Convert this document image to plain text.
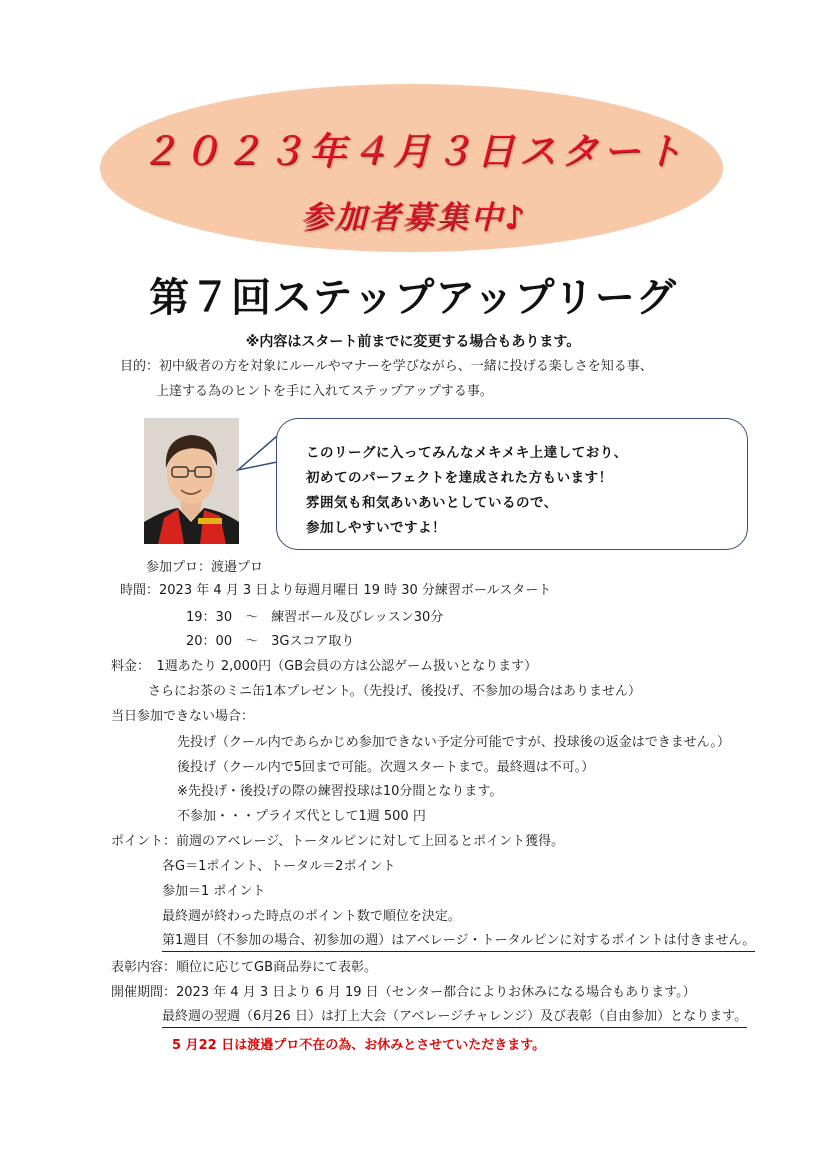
２０２３年４月３日スタート
参加者募集中♪
第７回ステップアップリーグ
※内容はスタート前までに変更する場合もあります。
目的：初中級者の方を対象にルールやマナーを学びながら、一緒に投げる楽しさを知る事、
上達する為のヒントを手に入れてステップアップする事。
このリーグに入ってみんなメキメキ上達しており、
初めてのパーフェクトを達成された方もいます！
雰囲気も和気あいあいとしているので、
参加しやすいですよ！
参加プロ：渡邉プロ
時間：2023 年 4 月 3 日より毎週月曜日 19 時 30 分練習ボールスタート
19：30　～　練習ボール及びレッスン30分
20：00　～　3Gスコア取り
料金：　1週あたり 2,000円（GB会員の方は公認ゲーム扱いとなります）
さらにお茶のミニ缶1本プレゼント。（先投げ、後投げ、不参加の場合はありません）
当日参加できない場合：
先投げ（クール内であらかじめ参加できない予定分可能ですが、投球後の返金はできません。）
後投げ（クール内で5回まで可能。次週スタートまで。最終週は不可。）
※先投げ・後投げの際の練習投球は10分間となります。
不参加・・・プライズ代として1週 500 円
ポイント：前週のアベレージ、トータルピンに対して上回るとポイント獲得。
各G＝1ポイント、トータル＝2ポイント
参加＝1 ポイント
最終週が終わった時点のポイント数で順位を決定。
第1週目（不参加の場合、初参加の週）はアベレージ・トータルピンに対するポイントは付きません。
表彰内容：順位に応じてGB商品券にて表彰。
開催期間：2023 年 4 月 3 日より 6 月 19 日（センター都合によりお休みになる場合もあります。）
最終週の翌週（6月26 日）は打上大会（アベレージチャレンジ）及び表彰（自由参加）となります。
5 月22 日は渡邉プロ不在の為、お休みとさせていただきます。
